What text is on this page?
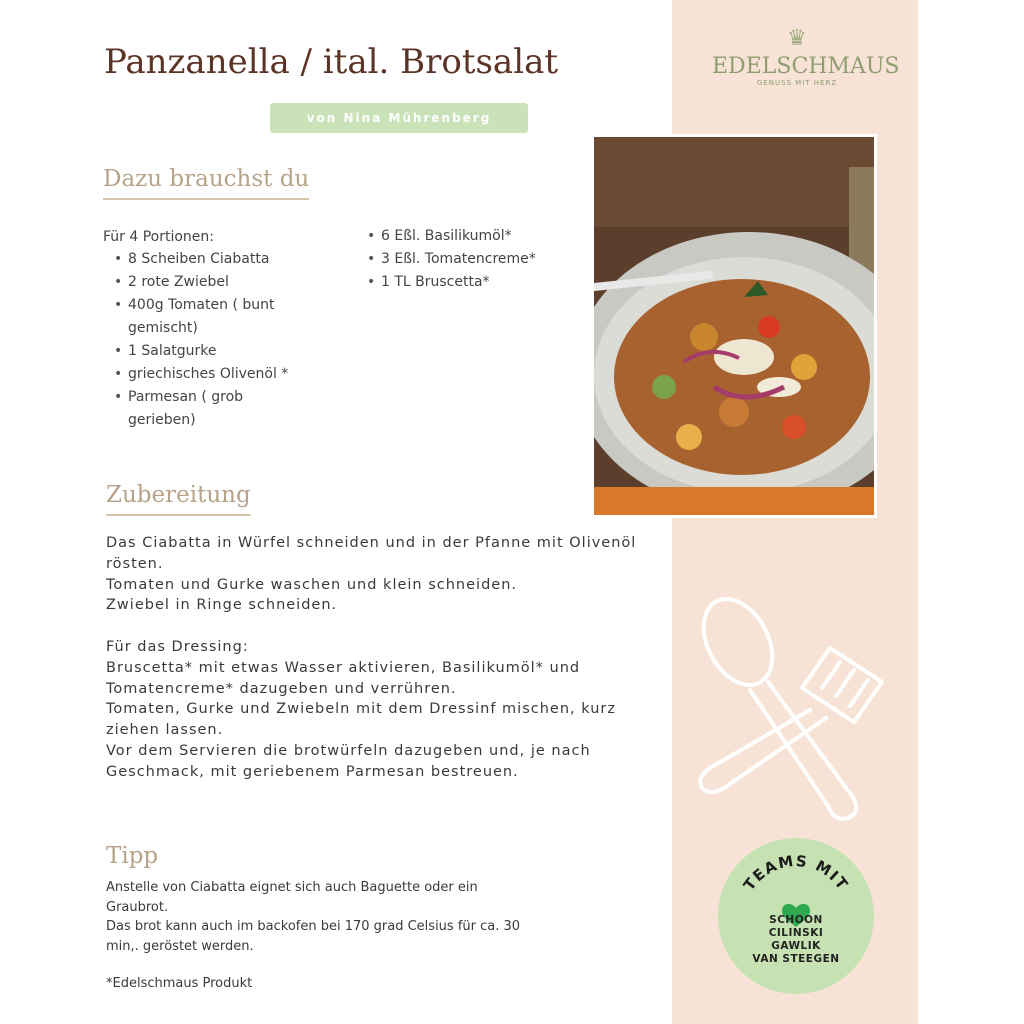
♛
EDELSCHMAUS
GENUSS MIT HERZ
Panzanella / ital. Brotsalat
von Nina Mührenberg
Dazu brauchst du
Für 4 Portionen:
• 8 Scheiben Ciabatta
• 2 rote Zwiebel
• 400g Tomaten ( bunt gemischt)
• 1 Salatgurke
• griechisches Olivenöl *
• Parmesan ( grob gerieben)
• 6 Eßl. Basilikumöl*
• 3 Eßl. Tomatencreme*
• 1 TL Bruscetta*
Zubereitung

Das Ciabatta in Würfel schneiden und in der Pfanne mit Olivenöl rösten.
Tomaten und Gurke waschen und klein schneiden.
Zwiebel in Ringe schneiden.

Für das Dressing:
Bruscetta* mit etwas Wasser aktivieren, Basilikumöl* und Tomatencreme* dazugeben und verrühren.
Tomaten, Gurke und Zwiebeln mit dem Dressinf mischen, kurz ziehen lassen.
Vor dem Servieren die brotwürfeln dazugeben und, je nach Geschmack, mit geriebenem Parmesan bestreuen.

Tipp

Anstelle von Ciabatta eignet sich auch Baguette oder ein Graubrot.

Das brot kann auch im backofen bei 170 grad Celsius für ca. 30 min,. geröstet werden.

*Edelschmaus Produkt
TEAMS MIT
SCHOON
CILINSKI
GAWLIK
VAN STEEGEN
